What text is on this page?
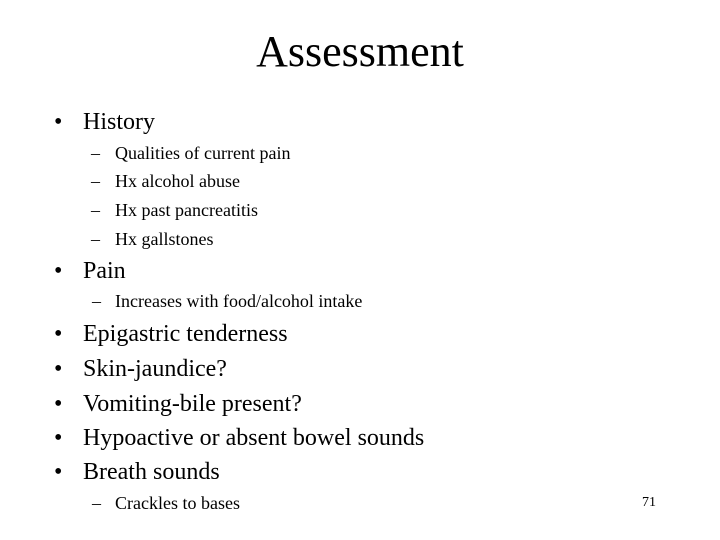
Assessment
• History
– Qualities of current pain
– Hx alcohol abuse
– Hx past pancreatitis
– Hx gallstones
• Pain
– Increases with food/alcohol intake
• Epigastric tenderness
• Skin-jaundice?
• Vomiting-bile present?
• Hypoactive or absent bowel sounds
• Breath sounds
– Crackles to bases	71
